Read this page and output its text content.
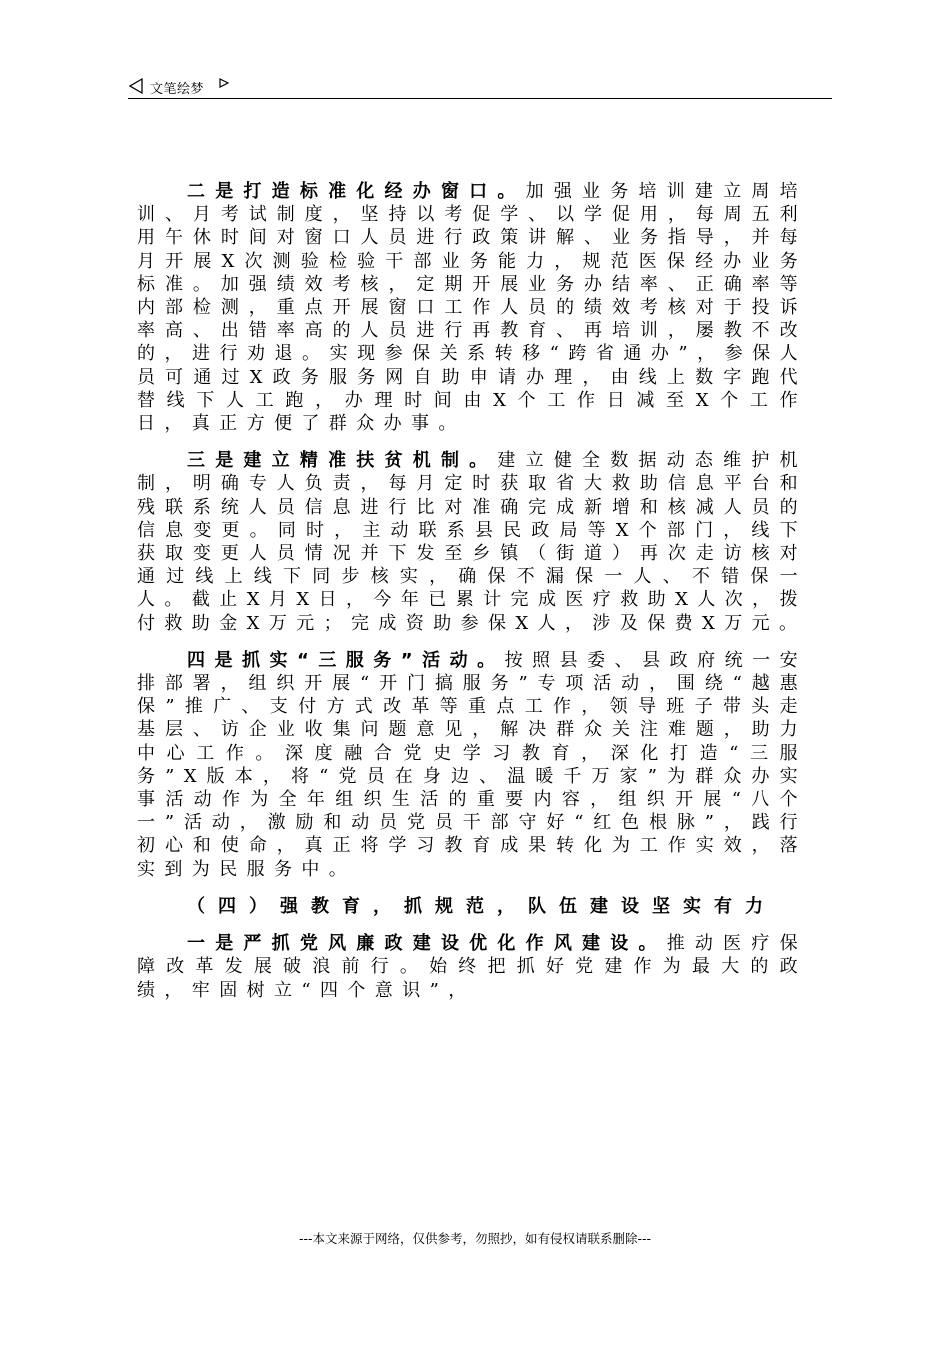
文笔绘梦

二是打造标准化经办窗口。加强业务培训建立周培训、月考试制度，坚持以考促学、以学促用，每周五利用午休时间对窗口人员进行政策讲解、业务指导，并每月开展X次测验检验干部业务能力，规范医保经办业务标准。加强绩效考核，定期开展业务办结率、正确率等内部检测，重点开展窗口工作人员的绩效考核对于投诉率高、出错率高的人员进行再教育、再培训，屡教不改的，进行劝退。实现参保关系转移“跨省通办”，参保人员可通过X政务服务网自助申请办理，由线上数字跑代替线下人工跑，办理时间由X个工作日减至X个工作日，真正方便了群众办事。

三是建立精准扶贫机制。建立健全数据动态维护机制，明确专人负责，每月定时获取省大救助信息平台和残联系统人员信息进行比对准确完成新增和核减人员的信息变更。同时，主动联系县民政局等X个部门，线下获取变更人员情况并下发至乡镇（街道）再次走访核对通过线上线下同步核实，确保不漏保一人、不错保一人。截止X月X日，今年已累计完成医疗救助X人次，拨付救助金X万元；完成资助参保X人，涉及保费X万元。

四是抓实“三服务”活动。按照县委、县政府统一安排部署，组织开展“开门搞服务”专项活动，围绕“越惠保”推广、支付方式改革等重点工作，领导班子带头走基层、访企业收集问题意见，解决群众关注难题，助力中心工作。深度融合党史学习教育，深化打造“三服务”X版本，将“党员在身边、温暖千万家”为群众办实事活动作为全年组织生活的重要内容，组织开展“八个一”活动，激励和动员党员干部守好“红色根脉”，践行初心和使命，真正将学习教育成果转化为工作实效，落实到为民服务中。

（四）强教育，抓规范，队伍建设坚实有力

一是严抓党风廉政建设优化作风建设。推动医疗保障改革发展破浪前行。始终把抓好党建作为最大的政绩，牢固树立“四个意识”，

---本文来源于网络，仅供参考，勿照抄，如有侵权请联系删除---
